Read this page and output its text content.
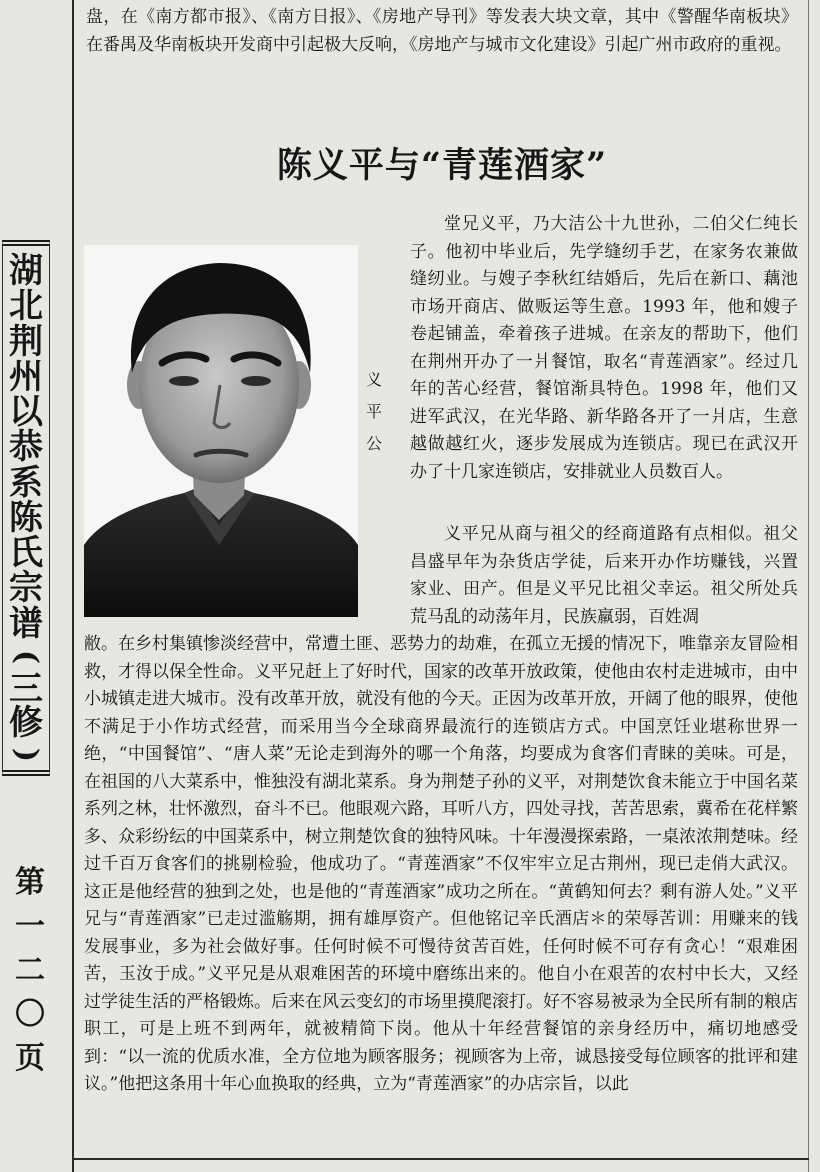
湖
北
荆
州
以
恭
系
陈
氏
宗
谱
(
三
修
)
第
一
二
〇
页

盘，在《南方都市报》、《南方日报》、《房地产导刊》等发表大块文章，其中《警醒华南板块》在番禺及华南板块开发商中引起极大反响，《房地产与城市文化建设》引起广州市政府的重视。

陈义平与“青莲酒家”
义
平
公

堂兄义平，乃大洁公十九世孙，二伯父仁纯长子。他初中毕业后，先学缝纫手艺，在家务农兼做缝纫业。与嫂子李秋红结婚后，先后在新口、藕池市场开商店、做贩运等生意。1993 年，他和嫂子卷起铺盖，牵着孩子进城。在亲友的帮助下，他们在荆州开办了一爿餐馆，取名“青莲酒家”。经过几年的苦心经营，餐馆渐具特色。1998 年，他们又进军武汉，在光华路、新华路各开了一爿店，生意越做越红火，逐步发展成为连锁店。现已在武汉开办了十几家连锁店，安排就业人员数百人。

义平兄从商与祖父的经商道路有点相似。祖父昌盛早年为杂货店学徒，后来开办作坊赚钱，兴置家业、田产。但是义平兄比祖父幸运。祖父所处兵荒马乱的动荡年月，民族羸弱，百姓凋

敝。在乡村集镇惨淡经营中，常遭土匪、恶势力的劫难，在孤立无援的情况下，唯靠亲友冒险相救，才得以保全性命。义平兄赶上了好时代，国家的改革开放政策，使他由农村走进城市，由中小城镇走进大城市。没有改革开放，就没有他的今天。正因为改革开放，开阔了他的眼界，使他不满足于小作坊式经营，而采用当今全球商界最流行的连锁店方式。中国烹饪业堪称世界一绝，“中国餐馆”、“唐人菜”无论走到海外的哪一个角落，均要成为食客们青睐的美味。可是，在祖国的八大菜系中，惟独没有湖北菜系。身为荆楚子孙的义平，对荆楚饮食未能立于中国名菜系列之林，壮怀激烈，奋斗不已。他眼观六路，耳听八方，四处寻找，苦苦思索，冀希在花样繁多、众彩纷纭的中国菜系中，树立荆楚饮食的独特风味。十年漫漫探索路，一桌浓浓荆楚味。经过千百万食客们的挑剔检验，他成功了。“青莲酒家”不仅牢牢立足古荆州，现已走俏大武汉。这正是他经营的独到之处，也是他的“青莲酒家”成功之所在。“黄鹤知何去？剩有游人处。”义平兄与“青莲酒家”已走过滥觞期，拥有雄厚资产。但他铭记辛氏酒店＊的荣辱苦训：用赚来的钱发展事业，多为社会做好事。任何时候不可慢待贫苦百姓，任何时候不可存有贪心！“艰难困苦，玉汝于成。”义平兄是从艰难困苦的环境中磨练出来的。他自小在艰苦的农村中长大，又经过学徒生活的严格锻炼。后来在风云变幻的市场里摸爬滚打。好不容易被录为全民所有制的粮店职工，可是上班不到两年，就被精简下岗。他从十年经营餐馆的亲身经历中，痛切地感受到：“以一流的优质水准，全方位地为顾客服务；视顾客为上帝，诚恳接受每位顾客的批评和建议。”他把这条用十年心血换取的经典，立为“青莲酒家”的办店宗旨，以此
